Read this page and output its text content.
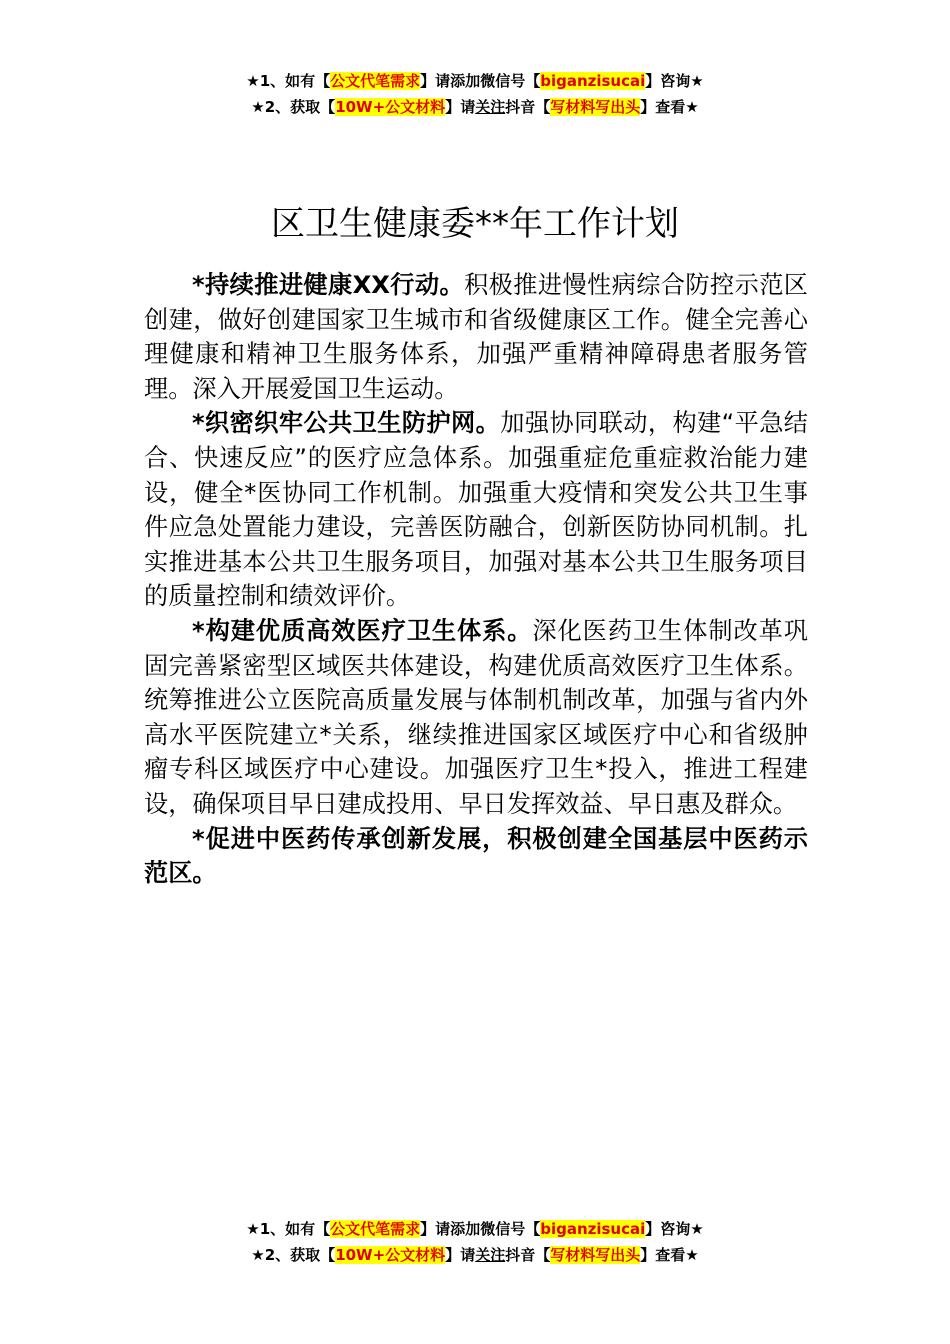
★1、如有【公文代笔需求】请添加微信号【biganzisucai】咨询★
★2、获取【10W+公文材料】请关注抖音【写材料写出头】查看★
区卫生健康委**年工作计划

*持续推进健康XX行动。积极推进慢性病综合防控示范区创建，做好创建国家卫生城市和省级健康区工作。健全完善心理健康和精神卫生服务体系，加强严重精神障碍患者服务管理。深入开展爱国卫生运动。

*织密织牢公共卫生防护网。加强协同联动，构建“平急结合、快速反应”的医疗应急体系。加强重症危重症救治能力建设，健全*医协同工作机制。加强重大疫情和突发公共卫生事件应急处置能力建设，完善医防融合，创新医防协同机制。扎实推进基本公共卫生服务项目，加强对基本公共卫生服务项目的质量控制和绩效评价。

*构建优质高效医疗卫生体系。深化医药卫生体制改革巩固完善紧密型区域医共体建设，构建优质高效医疗卫生体系。统筹推进公立医院高质量发展与体制机制改革，加强与省内外高水平医院建立*关系，继续推进国家区域医疗中心和省级肿瘤专科区域医疗中心建设。加强医疗卫生*投入，推进工程建设，确保项目早日建成投用、早日发挥效益、早日惠及群众。

*促进中医药传承创新发展，积极创建全国基层中医药示范区。

★1、如有【公文代笔需求】请添加微信号【biganzisucai】咨询★
★2、获取【10W+公文材料】请关注抖音【写材料写出头】查看★
